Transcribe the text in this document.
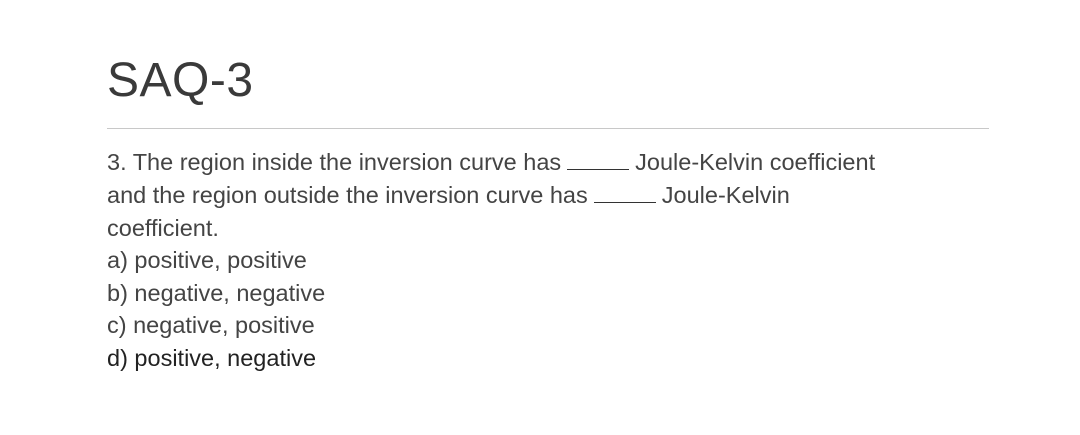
SAQ-3
3. The region inside the inversion curve has	Joule-Kelvin coefficient
and the region outside the inversion curve has	Joule-Kelvin
coefficient.
a) positive, positive
b) negative, negative
c) negative, positive
d) positive, negative
